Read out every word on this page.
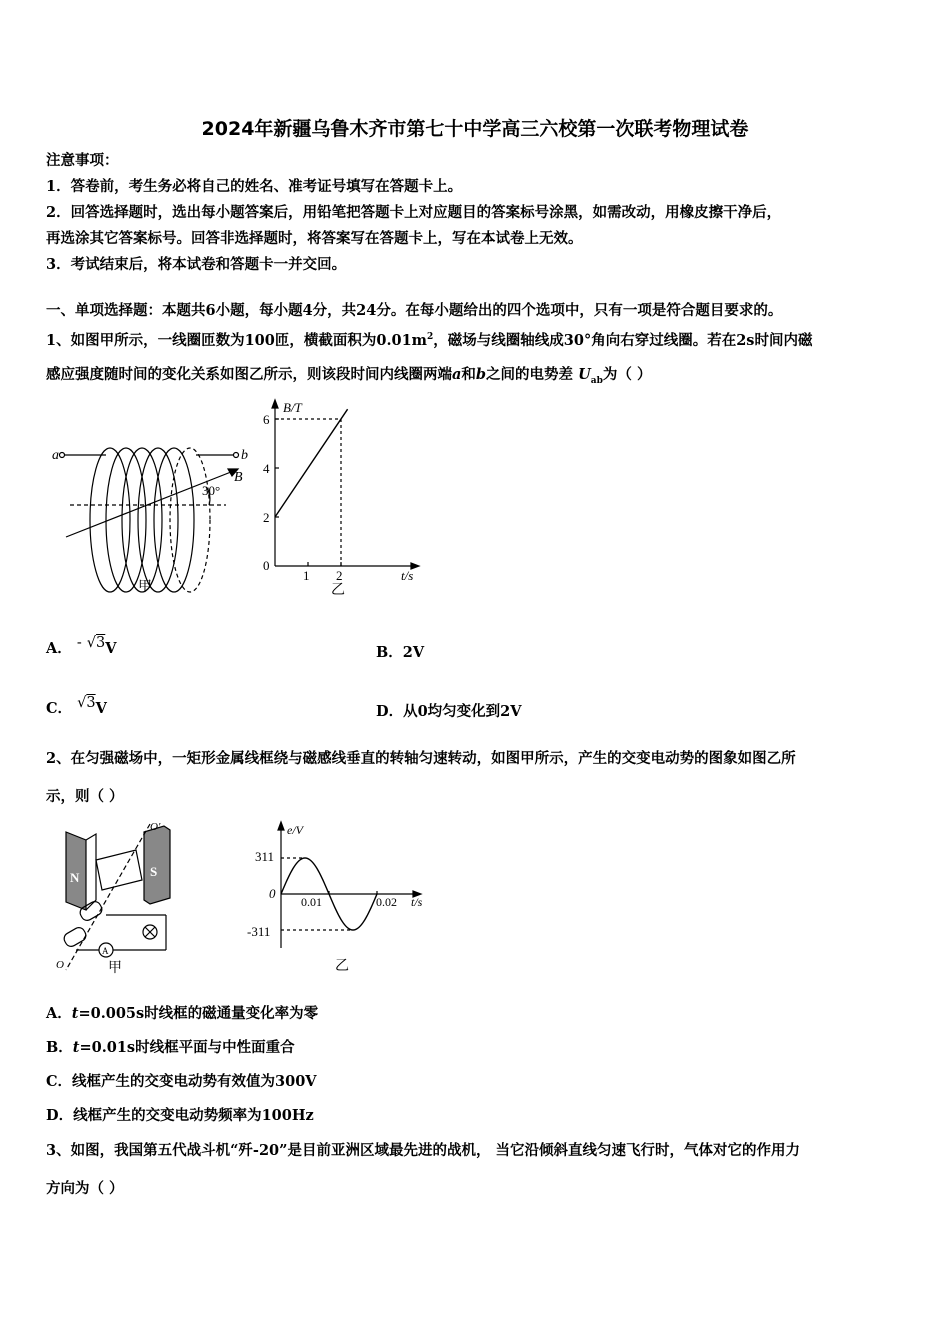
2024年新疆乌鲁木齐市第七十中学高三六校第一次联考物理试卷
注意事项：
1．答卷前，考生务必将自己的姓名、准考证号填写在答题卡上。
2．回答选择题时，选出每小题答案后，用铅笔把答题卡上对应题目的答案标号涂黑，如需改动，用橡皮擦干净后，
再选涂其它答案标号。回答非选择题时，将答案写在答题卡上，写在本试卷上无效。
3．考试结束后，将本试卷和答题卡一并交回。
一、单项选择题：本题共6小题，每小题4分，共24分。在每小题给出的四个选项中，只有一项是符合题目要求的。
1、如图甲所示，一线圈匝数为100匝，横截面积为$0.01m^2$，磁场与线圈轴线成30°角向右穿过线圈。若在2s时间内磁
感应强度随时间的变化关系如图乙所示，则该段时间内线圈两端a和b之间的电势差 $U_{ab}$为（ ）
a	b
B
30°
甲
B/T
t/s
0
2
4
6
1 2
乙
A． - √3V	B．2V
C． √3V	D．从0均匀变化到2V
2、在匀强磁场中，一矩形金属线框绕与磁感线垂直的转轴匀速转动，如图甲所示，产生的交变电动势的图象如图乙所
示，则（ ）
N	S
O'
O
A
甲
e/V
t/s
311
0
-311
0.01	0.02
乙
A．t=0.005s时线框的磁通量变化率为零
B．t=0.01s时线框平面与中性面重合
C．线框产生的交变电动势有效值为300V
D．线框产生的交变电动势频率为100Hz
3、如图，我国第五代战斗机“歼-20”是目前亚洲区域最先进的战机， 当它沿倾斜直线匀速飞行时，气体对它的作用力
方向为（ ）
